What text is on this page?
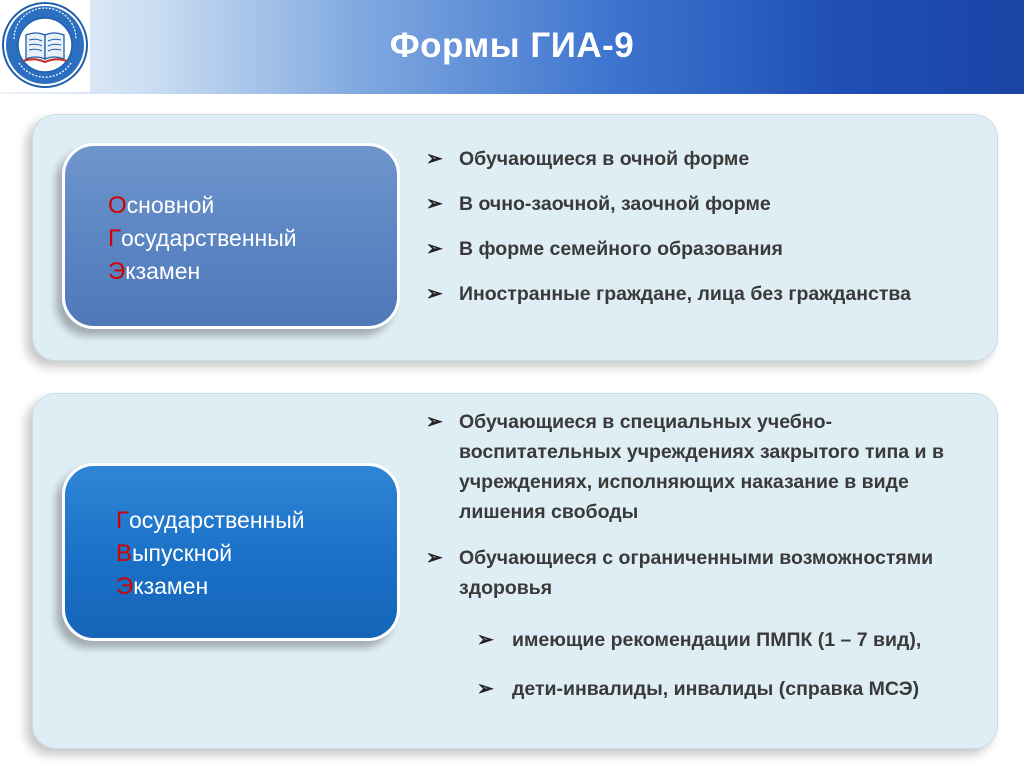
Формы ГИА-9
Основной
Государственный
Экзамен
➢ Обучающиеся в очной форме
➢ В очно-заочной, заочной форме
➢ В форме семейного образования
➢ Иностранные граждане, лица без гражданства
Государственный
Выпускной
Экзамен
➢ Обучающиеся в специальных учебно-воспитательных учреждениях закрытого типа и в учреждениях, исполняющих наказание в виде лишения свободы
➢ Обучающиеся с ограниченными возможностями здоровья
➢ имеющие рекомендации ПМПК (1 – 7 вид),
➢ дети-инвалиды, инвалиды (справка МСЭ)
